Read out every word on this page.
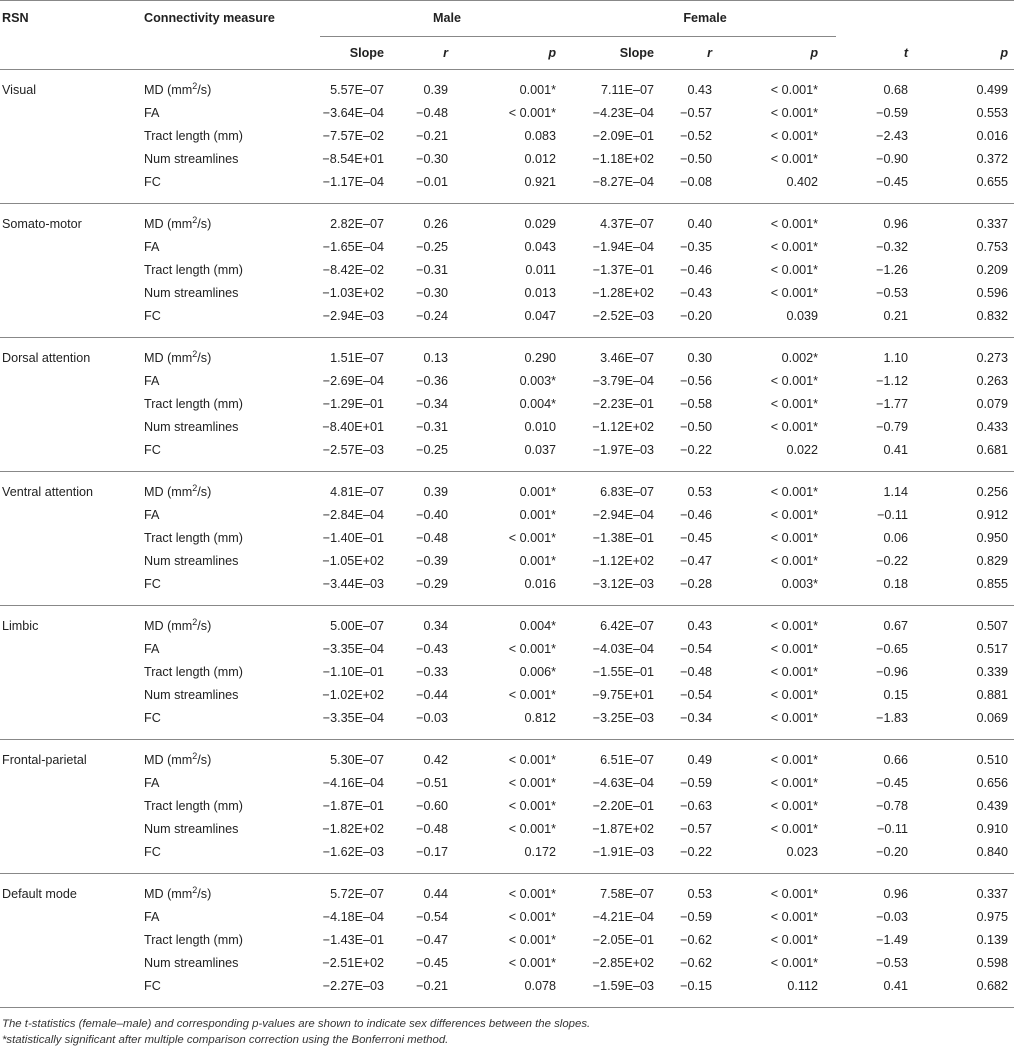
RSN	Connectivity measure	Male			Female				
		Slope	r	p	Slope	r	p	t	p
Visual	MD $(mm^2/s)$	5.57E–07	0.39	0.001*	7.11E–07	0.43	< 0.001*	0.68	0.499
	FA	−3.64E–04	−0.48	< 0.001*	−4.23E–04	−0.57	< 0.001*	−0.59	0.553
	Tract length (mm)	−7.57E–02	−0.21	0.083	−2.09E–01	−0.52	< 0.001*	−2.43	0.016
	Num streamlines	−8.54E+01	−0.30	0.012	−1.18E+02	−0.50	< 0.001*	−0.90	0.372
	FC	−1.17E–04	−0.01	0.921	−8.27E–04	−0.08	0.402	−0.45	0.655
Somato-motor	MD $(mm^2/s)$	2.82E–07	0.26	0.029	4.37E–07	0.40	< 0.001*	0.96	0.337
	FA	−1.65E–04	−0.25	0.043	−1.94E–04	−0.35	< 0.001*	−0.32	0.753
	Tract length (mm)	−8.42E–02	−0.31	0.011	−1.37E–01	−0.46	< 0.001*	−1.26	0.209
	Num streamlines	−1.03E+02	−0.30	0.013	−1.28E+02	−0.43	< 0.001*	−0.53	0.596
	FC	−2.94E–03	−0.24	0.047	−2.52E–03	−0.20	0.039	0.21	0.832
Dorsal attention	MD $(mm^2/s)$	1.51E–07	0.13	0.290	3.46E–07	0.30	0.002*	1.10	0.273
	FA	−2.69E–04	−0.36	0.003*	−3.79E–04	−0.56	< 0.001*	−1.12	0.263
	Tract length (mm)	−1.29E–01	−0.34	0.004*	−2.23E–01	−0.58	< 0.001*	−1.77	0.079
	Num streamlines	−8.40E+01	−0.31	0.010	−1.12E+02	−0.50	< 0.001*	−0.79	0.433
	FC	−2.57E–03	−0.25	0.037	−1.97E–03	−0.22	0.022	0.41	0.681
Ventral attention	MD $(mm^2/s)$	4.81E–07	0.39	0.001*	6.83E–07	0.53	< 0.001*	1.14	0.256
	FA	−2.84E–04	−0.40	0.001*	−2.94E–04	−0.46	< 0.001*	−0.11	0.912
	Tract length (mm)	−1.40E–01	−0.48	< 0.001*	−1.38E–01	−0.45	< 0.001*	0.06	0.950
	Num streamlines	−1.05E+02	−0.39	0.001*	−1.12E+02	−0.47	< 0.001*	−0.22	0.829
	FC	−3.44E–03	−0.29	0.016	−3.12E–03	−0.28	0.003*	0.18	0.855
Limbic	MD $(mm^2/s)$	5.00E–07	0.34	0.004*	6.42E–07	0.43	< 0.001*	0.67	0.507
	FA	−3.35E–04	−0.43	< 0.001*	−4.03E–04	−0.54	< 0.001*	−0.65	0.517
	Tract length (mm)	−1.10E–01	−0.33	0.006*	−1.55E–01	−0.48	< 0.001*	−0.96	0.339
	Num streamlines	−1.02E+02	−0.44	< 0.001*	−9.75E+01	−0.54	< 0.001*	0.15	0.881
	FC	−3.35E–04	−0.03	0.812	−3.25E–03	−0.34	< 0.001*	−1.83	0.069
Frontal-parietal	MD $(mm^2/s)$	5.30E–07	0.42	< 0.001*	6.51E–07	0.49	< 0.001*	0.66	0.510
	FA	−4.16E–04	−0.51	< 0.001*	−4.63E–04	−0.59	< 0.001*	−0.45	0.656
	Tract length (mm)	−1.87E–01	−0.60	< 0.001*	−2.20E–01	−0.63	< 0.001*	−0.78	0.439
	Num streamlines	−1.82E+02	−0.48	< 0.001*	−1.87E+02	−0.57	< 0.001*	−0.11	0.910
	FC	−1.62E–03	−0.17	0.172	−1.91E–03	−0.22	0.023	−0.20	0.840
Default mode	MD $(mm^2/s)$	5.72E–07	0.44	< 0.001*	7.58E–07	0.53	< 0.001*	0.96	0.337
	FA	−4.18E–04	−0.54	< 0.001*	−4.21E–04	−0.59	< 0.001*	−0.03	0.975
	Tract length (mm)	−1.43E–01	−0.47	< 0.001*	−2.05E–01	−0.62	< 0.001*	−1.49	0.139
	Num streamlines	−2.51E+02	−0.45	< 0.001*	−2.85E+02	−0.62	< 0.001*	−0.53	0.598
	FC	−2.27E–03	−0.21	0.078	−1.59E–03	−0.15	0.112	0.41	0.682
The t-statistics (female–male) and corresponding p-values are shown to indicate sex differences between the slopes.
*statistically significant after multiple comparison correction using the Bonferroni method.
